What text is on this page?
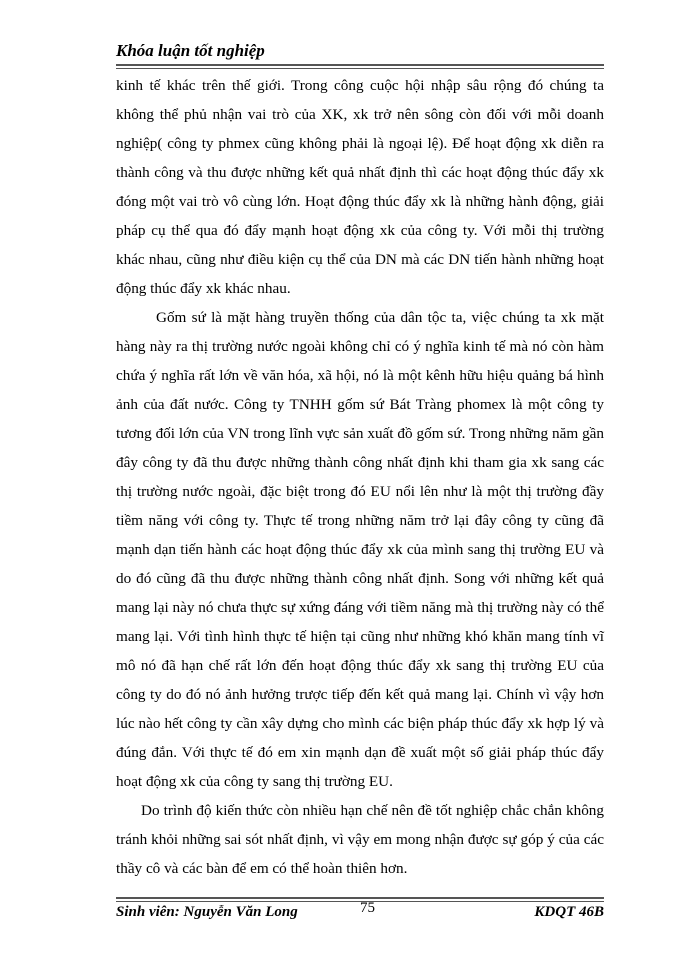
Khóa luận tốt nghiệp

kinh tế khác trên thế giới. Trong công cuộc hội nhập sâu rộng đó chúng ta không thể phủ nhận vai trò của XK, xk trở nên sông còn đối với mỗi doanh nghiệp( công ty phmex cũng không phải là ngoại lệ). Để hoạt động xk diễn ra thành công và thu được những kết quả nhất định thì các hoạt động thúc đẩy xk đóng một vai trò vô cùng lớn. Hoạt động thúc đẩy xk là những hành động, giải pháp cụ thể qua đó đẩy mạnh hoạt động xk của công ty. Với mỗi thị trường khác nhau, cũng như điều kiện cụ thể của DN mà các DN tiến hành những hoạt động thúc đẩy xk khác nhau.

Gốm sứ là mặt hàng truyền thống của dân tộc ta, việc chúng ta xk mặt hàng này ra thị trường nước ngoài không chỉ có ý nghĩa kinh tế mà nó còn hàm chứa ý nghĩa rất lớn về văn hóa, xã hội, nó là một kênh hữu hiệu quảng bá hình ảnh của đất nước. Công ty TNHH gốm sứ Bát Tràng phomex là một công ty tương đối lớn của VN trong lĩnh vực sản xuất đồ gốm sứ. Trong những năm gần đây công ty đã thu được những thành công nhất định khi tham gia xk sang các thị trường nước ngoài, đặc biệt trong đó EU nổi lên như là một thị trường đầy tiềm năng với công ty. Thực tế trong những năm trở lại đây công ty cũng đã mạnh dạn tiến hành các hoạt động thúc đẩy xk của mình sang thị trường EU và do đó cũng đã thu được những thành công nhất định. Song với những kết quả mang lại này nó chưa thực sự xứng đáng với tiềm năng mà thị trường này có thể mang lại. Với tình hình thực tế hiện tại cũng như những khó khăn mang tính vĩ mô nó đã hạn chế rất lớn đến hoạt động thúc đẩy xk sang thị trường EU của công ty do đó nó ảnh hưởng trược tiếp đến kết quả mang lại. Chính vì vậy hơn lúc nào hết công ty cần xây dựng cho mình các biện pháp thúc đẩy xk hợp lý và đúng đắn. Với thực tế đó em xin mạnh dạn đề xuất một số giải pháp thúc đẩy hoạt động xk của công ty sang thị trường EU.

Do trình độ kiến thức còn nhiều hạn chế nên đề tốt nghiệp chắc chắn không tránh khỏi những sai sót nhất định, vì vậy em mong nhận được sự góp ý của các thầy cô và các bàn để em có thể hoàn thiên hơn.

Sinh viên: Nguyễn Văn Long	75	KDQT 46B
